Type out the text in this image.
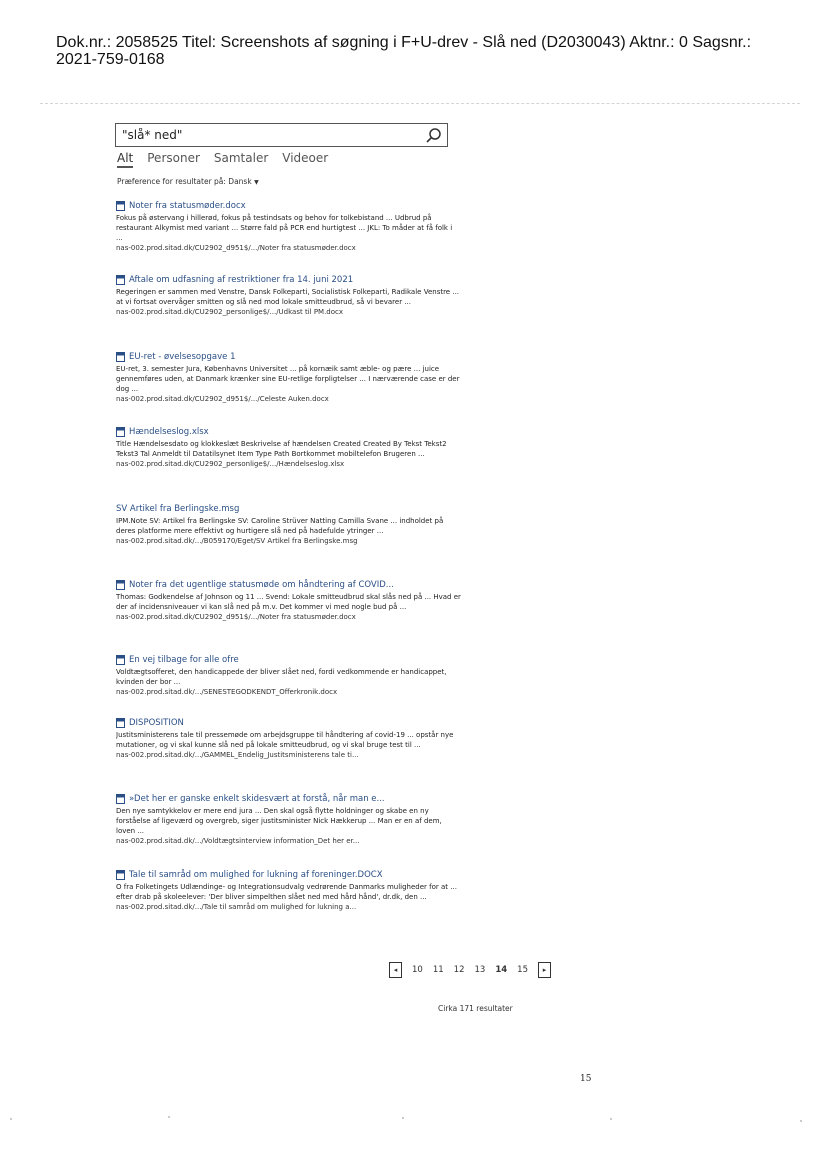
Dok.nr.: 2058525 Titel: Screenshots af søgning i F+U-drev - Slå ned (D2030043) Aktnr.: 0 Sagsnr.: 2021-759-0168
"slå* ned"
Alt Personer Samtaler Videoer
Præference for resultater på: Dansk ▼
Noter fra statusmøder.docx
Fokus på østervang i hillerød, fokus på testindsats og behov for tolkebistand ... Udbrud på restaurant Alkymist med variant ... Større fald på PCR end hurtigtest ... JKL: To måder at få folk i ...
nas-002.prod.sitad.dk/CU2902_d951$/.../Noter fra statusmøder.docx
Aftale om udfasning af restriktioner fra 14. juni 2021
Regeringen er sammen med Venstre, Dansk Folkeparti, Socialistisk Folkeparti, Radikale Venstre ... at vi fortsat overvåger smitten og slå ned mod lokale smitteudbrud, så vi bevarer ...
nas-002.prod.sitad.dk/CU2902_personlige$/.../Udkast til PM.docx
EU-ret - øvelsesopgave 1
EU-ret, 3. semester Jura, Københavns Universitet ... på kornæik samt æble- og pære ... juice gennemføres uden, at Danmark krænker sine EU-retlige forpligtelser ... I nærværende case er der dog ...
nas-002.prod.sitad.dk/CU2902_d951$/.../Celeste Auken.docx
Hændelseslog.xlsx
Title Hændelsesdato og klokkeslæt Beskrivelse af hændelsen Created Created By Tekst Tekst2 Tekst3 Tal Anmeldt til Datatilsynet Item Type Path Bortkommet mobiltelefon Brugeren ...
nas-002.prod.sitad.dk/CU2902_personlige$/.../Hændelseslog.xlsx
SV Artikel fra Berlingske.msg
IPM.Note SV: Artikel fra Berlingske SV: Caroline Strüver Natting Camilla Svane ... indholdet på deres platforme mere effektivt og hurtigere slå ned på hadefulde ytringer ...
nas-002.prod.sitad.dk/.../B059170/Eget/SV Artikel fra Berlingske.msg
Noter fra det ugentlige statusmøde om håndtering af COVID...
Thomas: Godkendelse af Johnson og 11 ... Svend: Lokale smitteudbrud skal slås ned på ... Hvad er der af incidensniveauer vi kan slå ned på m.v. Det kommer vi med nogle bud på ...
nas-002.prod.sitad.dk/CU2902_d951$/.../Noter fra statusmøder.docx
En vej tilbage for alle ofre
Voldtægtsofferet, den handicappede der bliver slået ned, fordi vedkommende er handicappet, kvinden der bor ...
nas-002.prod.sitad.dk/.../SENESTEGODKENDT_Offerkronik.docx
DISPOSITION
Justitsministerens tale til pressemøde om arbejdsgruppe til håndtering af covid-19 ... opstår nye mutationer, og vi skal kunne slå ned på lokale smitteudbrud, og vi skal bruge test til ...
nas-002.prod.sitad.dk/.../GAMMEL_Endelig_Justitsministerens tale ti...
»Det her er ganske enkelt skidesvært at forstå, når man e...
Den nye samtykkelov er mere end jura ... Den skal også flytte holdninger og skabe en ny forståelse af ligeværd og overgreb, siger justitsminister Nick Hækkerup ... Man er en af dem, loven ...
nas-002.prod.sitad.dk/.../Voldtægtsinterview information_Det her er...
Tale til samråd om mulighed for lukning af foreninger.DOCX
O fra Folketingets Udlændinge- og Integrationsudvalg vedrørende Danmarks muligheder for at ... efter drab på skoleelever: 'Der bliver simpelthen slået ned med hård hånd', dr.dk, den ...
nas-002.prod.sitad.dk/.../Tale til samråd om mulighed for lukning a...
◂ 10 11 12 13 14 15 ▸
Cirka 171 resultater
15
